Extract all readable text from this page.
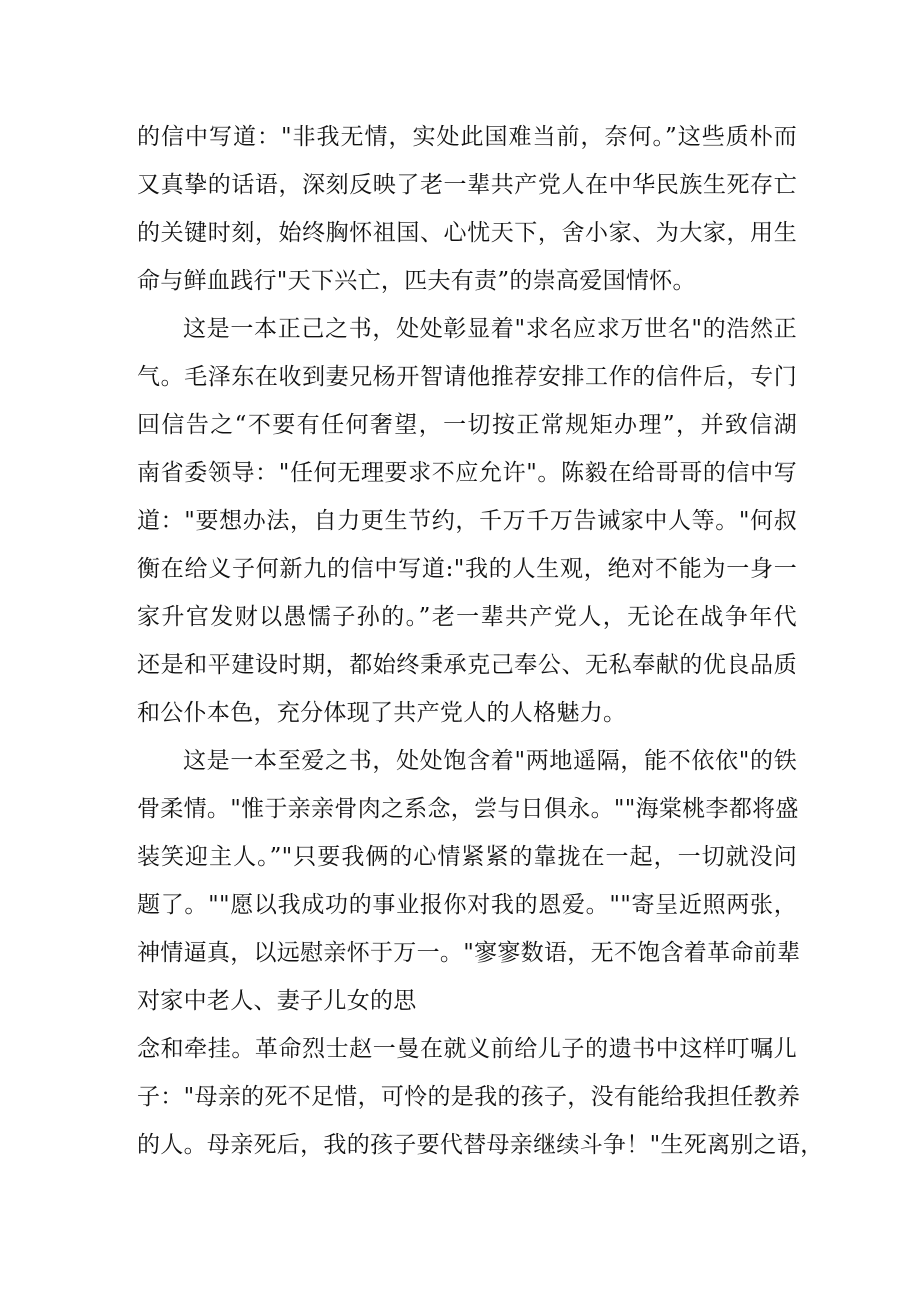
的信中写道："非我无情，实处此国难当前，奈何。”这些质朴而
又真挚的话语，深刻反映了老一辈共产党人在中华民族生死存亡
的关键时刻，始终胸怀祖国、心忧天下，舍小家、为大家，用生
命与鲜血践行"天下兴亡，匹夫有责”的崇高爱国情怀。
这是一本正己之书，处处彰显着"求名应求万世名"的浩然正
气。毛泽东在收到妻兄杨开智请他推荐安排工作的信件后，专门
回信告之“不要有任何奢望，一切按正常规矩办理”，并致信湖
南省委领导："任何无理要求不应允许"。陈毅在给哥哥的信中写
道："要想办法，自力更生节约，千万千万告诫家中人等。"何叔
衡在给义子何新九的信中写道:"我的人生观，绝对不能为一身一
家升官发财以愚懦子孙的。”老一辈共产党人，无论在战争年代
还是和平建设时期，都始终秉承克己奉公、无私奉献的优良品质
和公仆本色，充分体现了共产党人的人格魅力。
这是一本至爱之书，处处饱含着"两地遥隔，能不依依"的铁
骨柔情。"惟于亲亲骨肉之系念，尝与日俱永。""海棠桃李都将盛
装笑迎主人。”"只要我俩的心情紧紧的靠拢在一起，一切就没问
题了。""愿以我成功的事业报你对我的恩爱。""寄呈近照两张，
神情逼真，以远慰亲怀于万一。"寥寥数语，无不饱含着革命前辈
对家中老人、妻子儿女的思
念和牵挂。革命烈士赵一曼在就义前给儿子的遗书中这样叮嘱儿
子："母亲的死不足惜，可怜的是我的孩子，没有能给我担任教养
的人。母亲死后，我的孩子要代替母亲继续斗争！"生死离别之语，
